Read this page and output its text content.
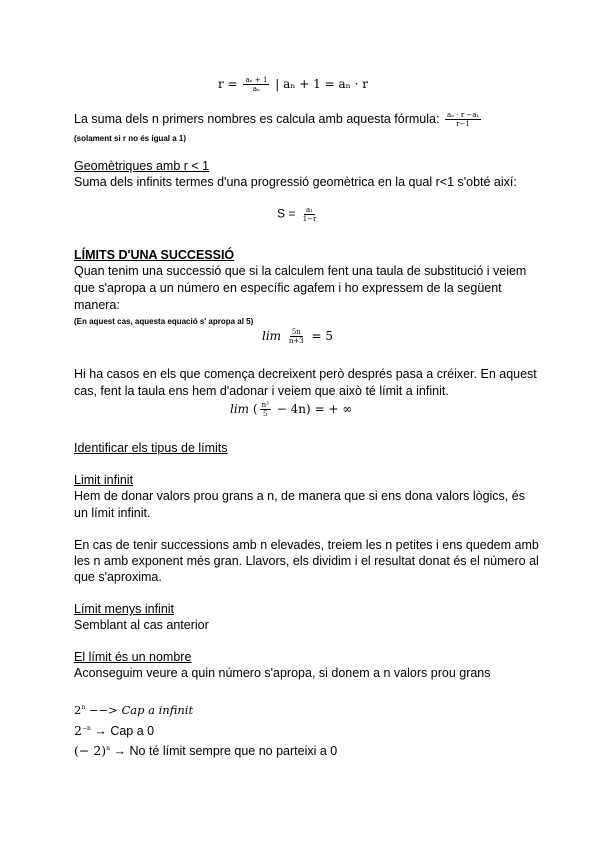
$r = \frac{\text{aₙ + 1}}{\text{aₙ}}$ | aₙ + 1 = aₙ · r
La suma dels n primers nombres es calcula amb aquesta fórmula: $\frac{\text{aₙ · r −a₁}}{r-1}$
(solament si r no és igual a 1)
Geomètriques amb r < 1
Suma dels infinits termes d'una progressió geomètrica en la qual r<1 s'obté així:
$S = \frac{\text{a₁}}{1-r}$
LÍMITS D'UNA SUCCESSIÓ
Quan tenim una successió que si la calculem fent una taula de substitució i veiem
que s'apropa a un número en específic agafem i ho expressem de la següent
manera:
(En aquest cas, aquesta equació s' apropa al 5)
$\lim \frac{5n}{n+3} = 5$
Hi ha casos en els que comença decreixent però després pasa a créixer. En aquest
cas, fent la taula ens hem d'adonar i veiem que això té límit a infinit.
lim ( $\frac{\text{n²}}{5} - 4n$) = + ∞
Identificar els tipus de límits
Limit infinit
Hem de donar valors prou grans a n, de manera que si ens dona valors lògics, és
un límit infinit.
En cas de tenir successions amb n elevades, treiem les n petites i ens quedem amb
les n amb exponent més gran. Llavors, els dividim i el resultat donat és el número al
que s'aproxima.
Límit menys infinit
Semblant al cas anterior
El límit és un nombre
Aconseguim veure a quin número s'apropa, si donem a n valors prou grans
$2^n$ −−> Cap a infinit
$2^{-n}$ → Cap a 0
(− 2)$^n$ → No té límit sempre que no parteixi a 0
